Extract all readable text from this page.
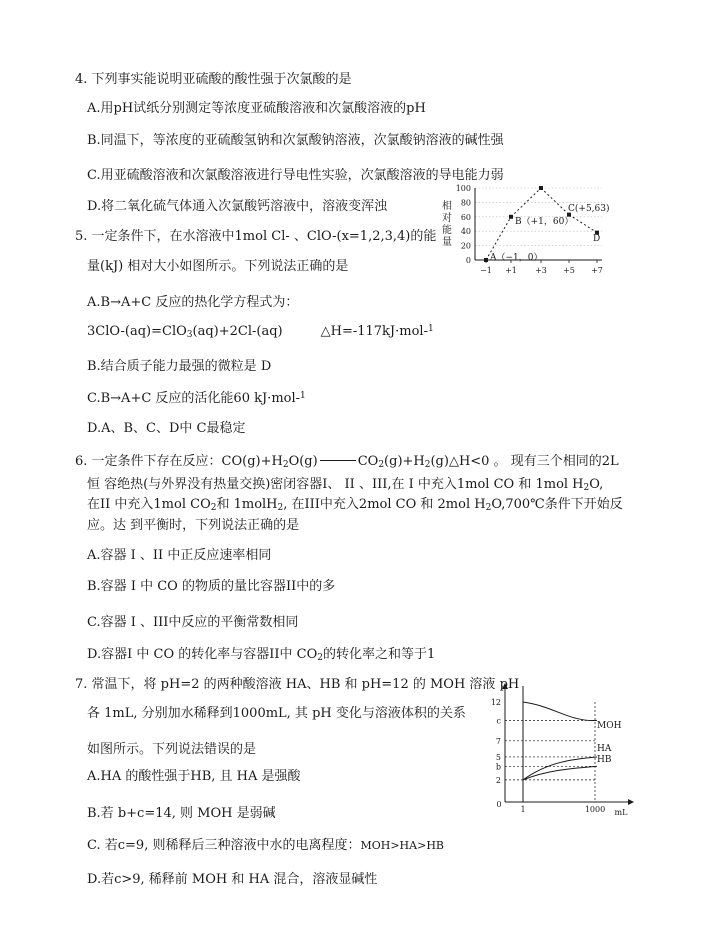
4. 下列事实能说明亚硫酸的酸性强于次氯酸的是
A.用pH试纸分别测定等浓度亚硫酸溶液和次氯酸溶液的pH
B.同温下，等浓度的亚硫酸氢钠和次氯酸钠溶液，次氯酸钠溶液的碱性强
C.用亚硫酸溶液和次氯酸溶液进行导电性实验，次氯酸溶液的导电能力弱
D.将二氧化硫气体通入次氯酸钙溶液中，溶液变浑浊
5. 一定条件下，在水溶液中1mol Cl- 、ClO-(x=1,2,3,4)的能
量(kJ) 相对大小如图所示。下列说法正确的是
A.B→A+C 反应的热化学方程式为：
3ClO-(aq)=ClO$_3$(aq)+2Cl-(aq)	△H=-117kJ·mol-$^1$
B.结合质子能力最强的微粒是 D
C.B→A+C 反应的活化能60 kJ·mol-$^1$
D.A、B、C、D中 C最稳定
相
对
能
量
100
80
60
40
20
0
−1 +1 +3 +5 +7
A（−1，0）
B（+1，60）
C(+5,63)
D
6. 一定条件下存在反应：$CO(g)+H_2O(g)$	$CO_2(g)+H_2(g)\triangle H<0$ 。 现有三个相同的2L
恒 容绝热(与外界没有热量交换)密闭容器I、 II 、III,在 I 中充入1mol CO 和 1mol $H_2O$,
在II 中充入1mol $CO_2$和 1molH$_2$, 在III中充入2mol CO 和 2mol $H_2O,700℃$条件下开始反
应。达 到平衡时，下列说法正确的是
A.容器 I 、II 中正反应速率相同
B.容器 I 中 CO 的物质的量比容器II中的多
C.容器 I 、III中反应的平衡常数相同
D.容器I 中 CO 的转化率与容器II中 $CO_2$的转化率之和等于1
7. 常温下，将 pH=2 的两种酸溶液 HA、HB 和 pH=12 的 MOH 溶液 pH
各 1mL, 分别加水稀释到1000mL, 其 pH 变化与溶液体积的关系
如图所示。下列说法错误的是
A.HA 的酸性强于HB, 且 HA 是强酸
B.若 b+c=14, 则 MOH 是弱碱
C. 若c=9, 则稀释后三种溶液中水的电离程度：MOH>HA>HB
D.若c>9, 稀释前 MOH 和 HA 混合，溶液显碱性
12
c
7
5
b
2
0
1	1000 mL
MOH
HA
HB
